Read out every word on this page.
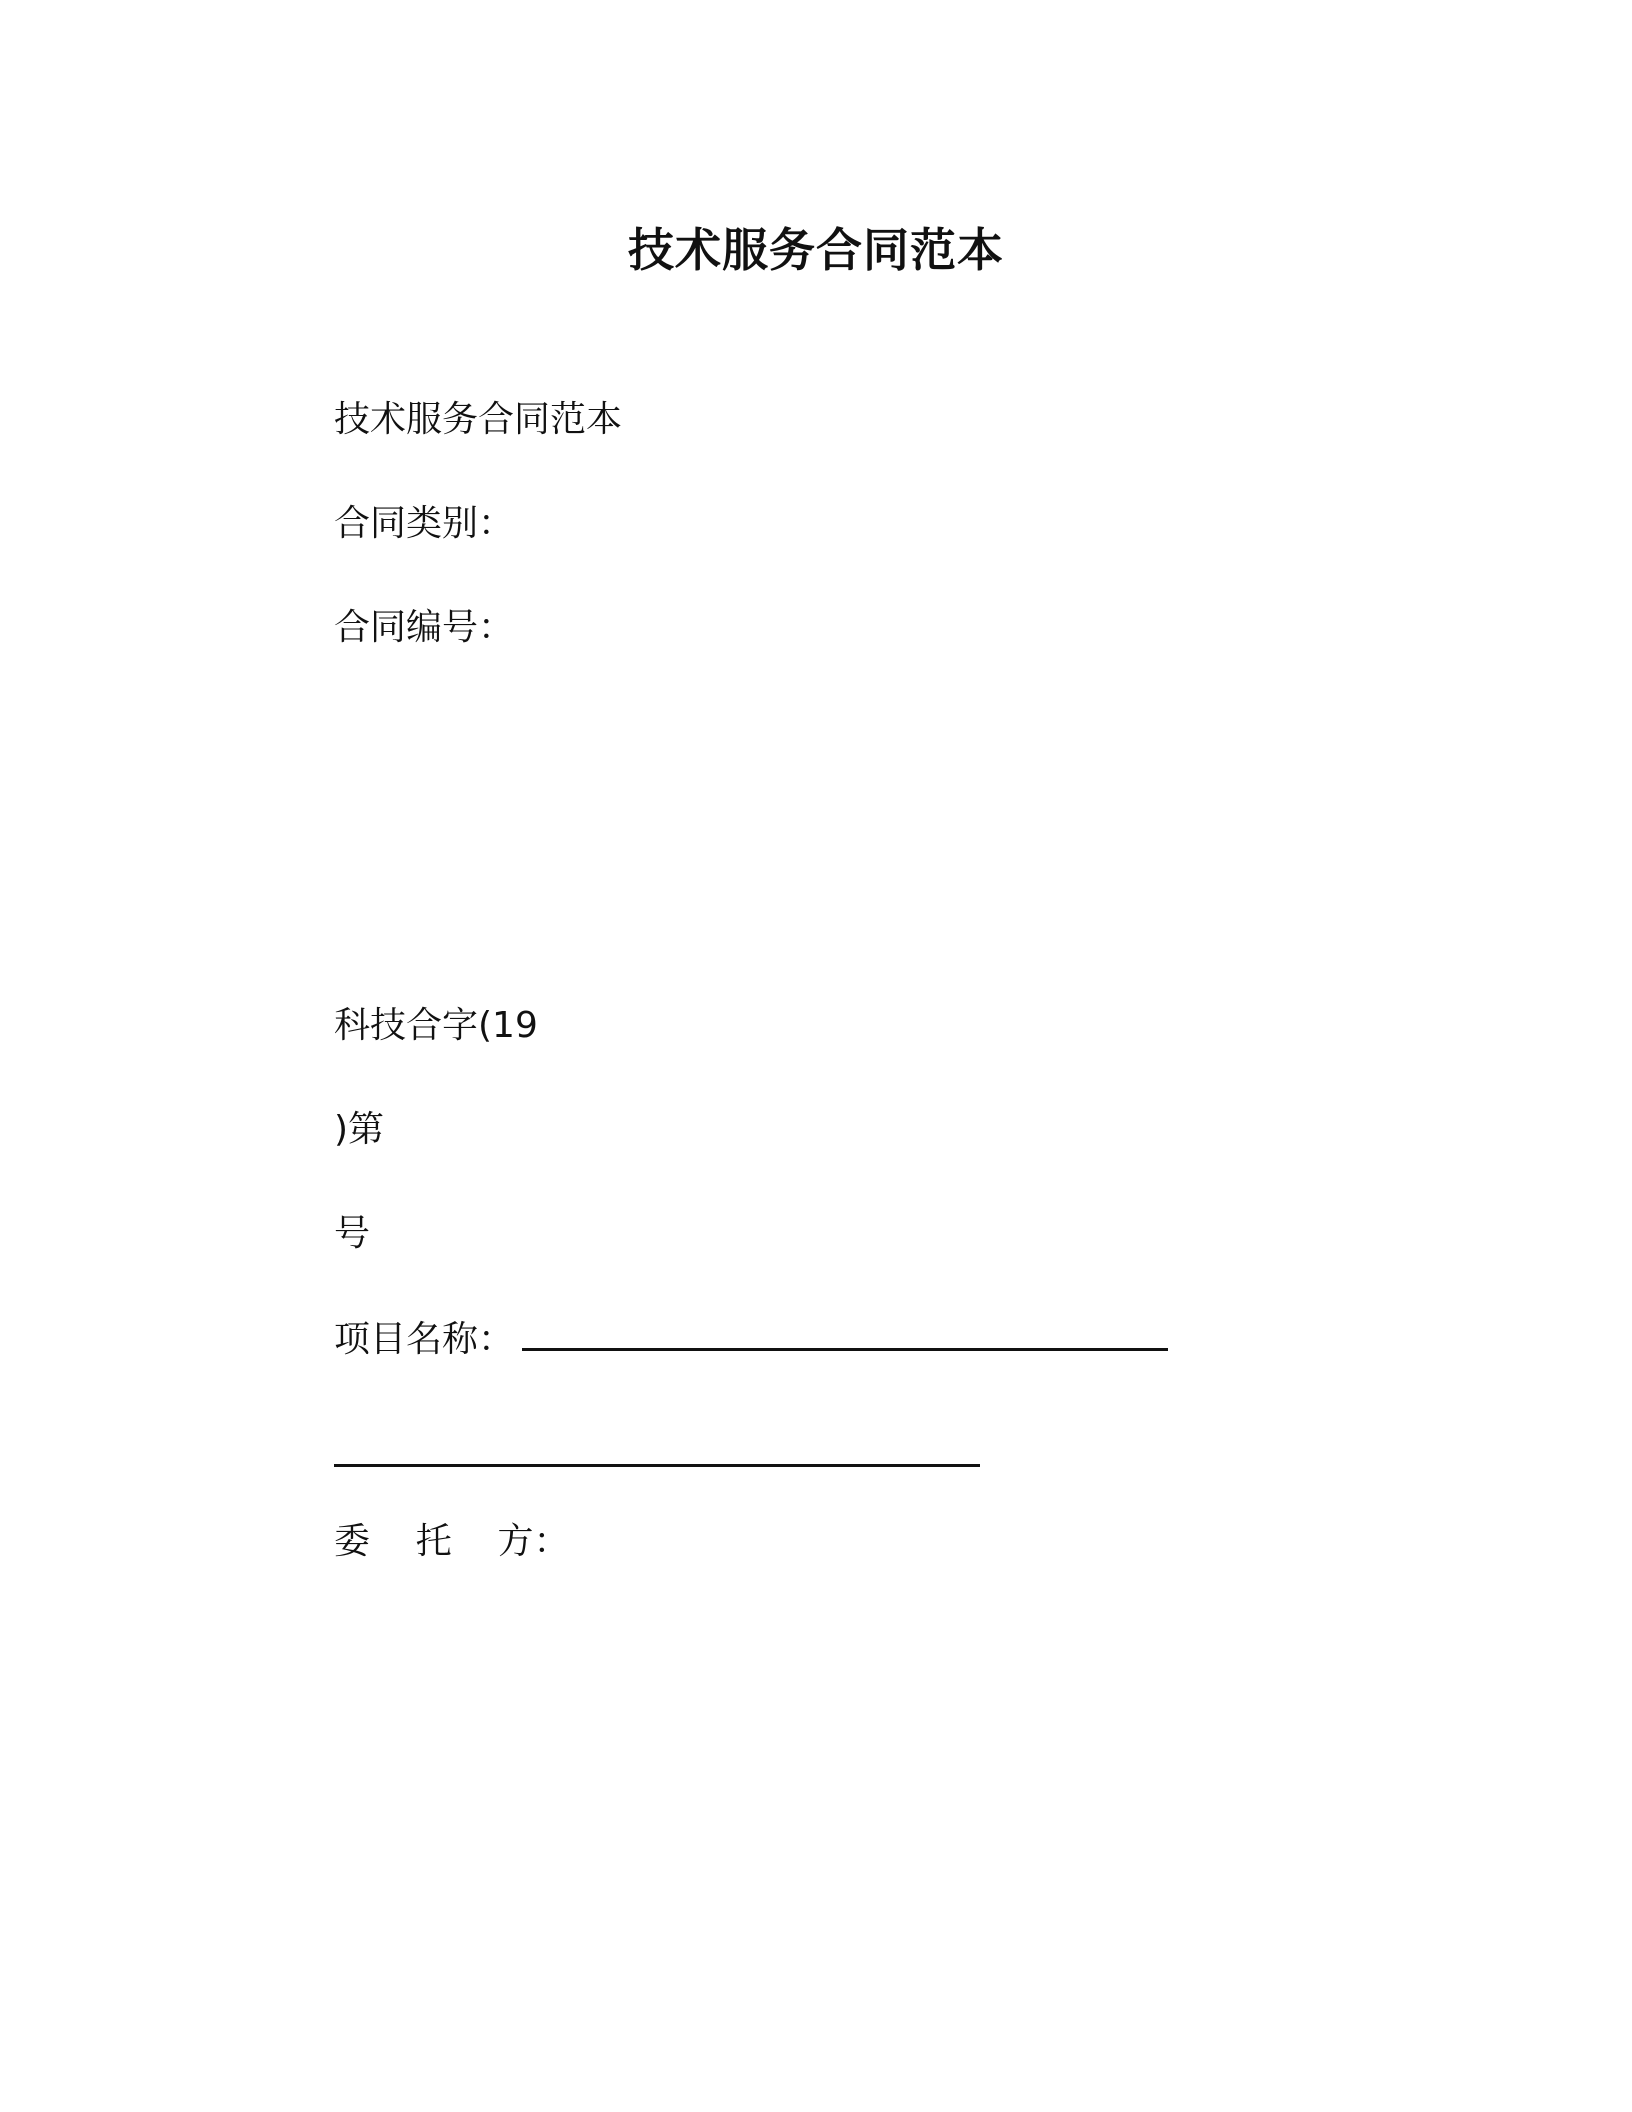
技术服务合同范本
技术服务合同范本
合同类别：
合同编号：
科技合字(19
)第
号
项目名称：
委    托    方：
